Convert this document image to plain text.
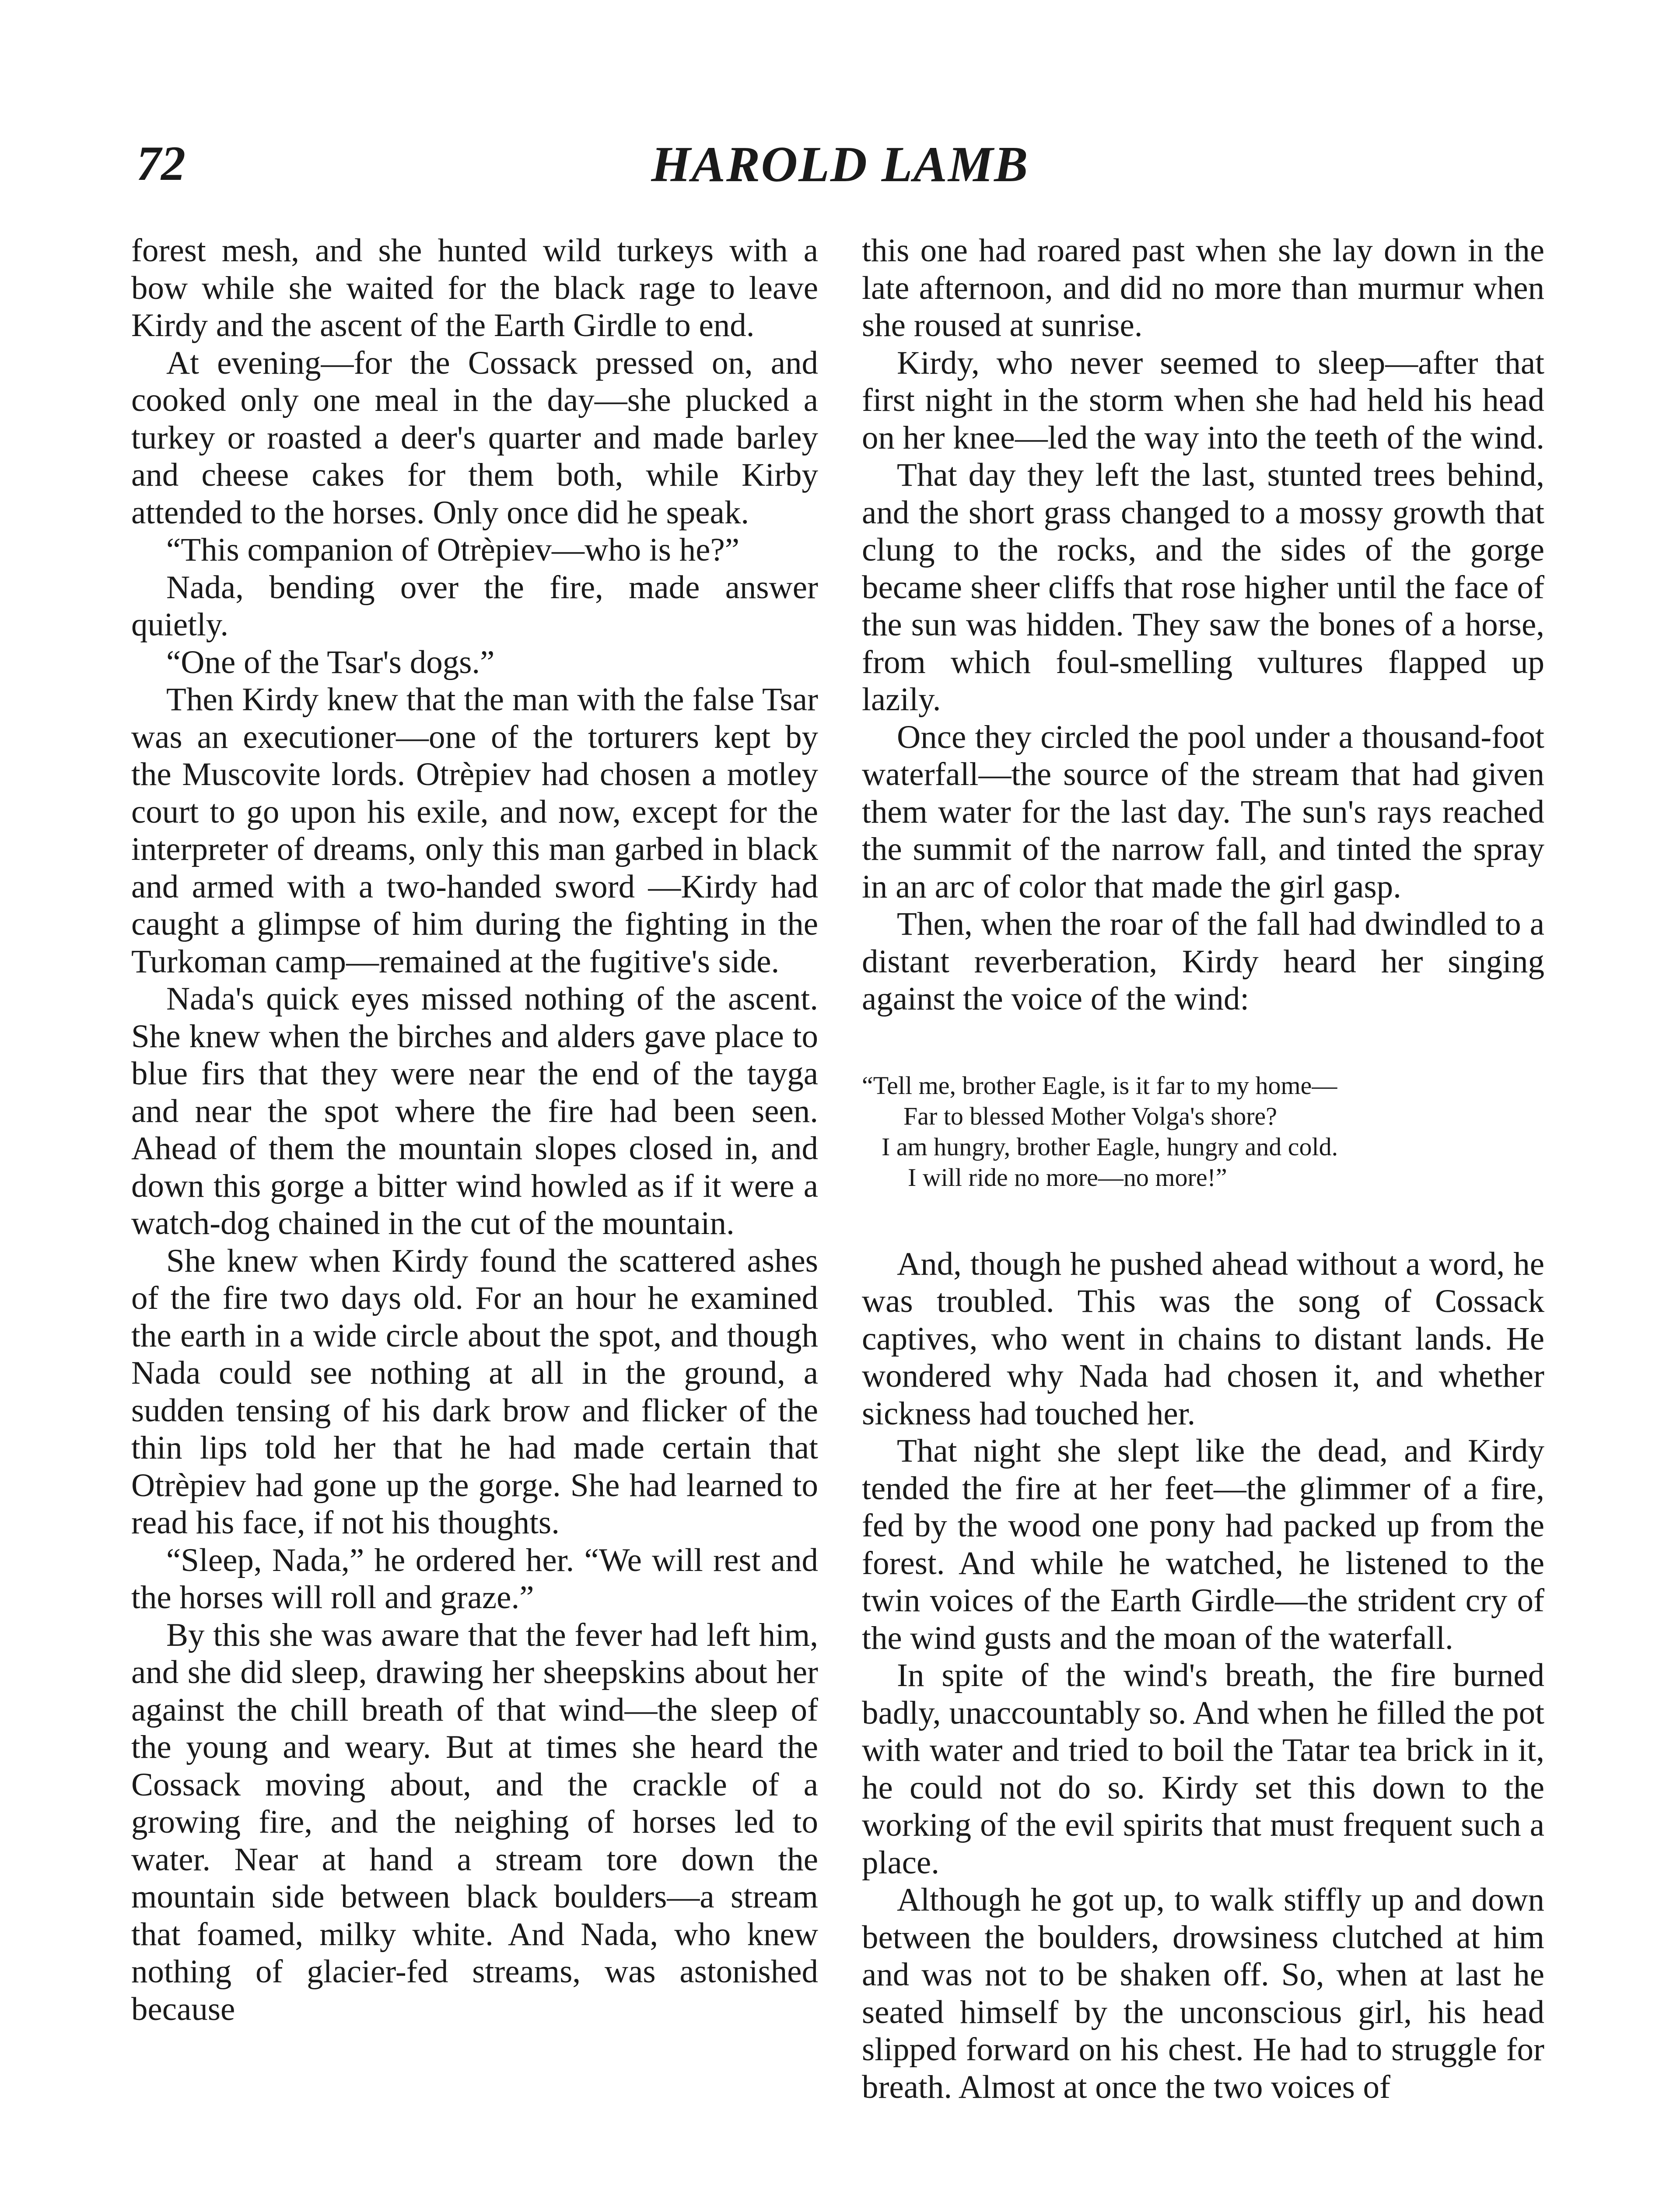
72	HAROLD LAMB

forest mesh, and she hunted wild turkeys with a bow while she waited for the black rage to leave Kirdy and the ascent of the Earth Girdle to end.

At evening—for the Cossack pressed on, and cooked only one meal in the day—she plucked a turkey or roasted a deer's quarter and made barley and cheese cakes for them both, while Kirby attended to the horses. Only once did he speak.

“This companion of Otrèpiev—who is he?”

Nada, bending over the fire, made answer quietly.

“One of the Tsar's dogs.”

Then Kirdy knew that the man with the false Tsar was an executioner—one of the torturers kept by the Muscovite lords. Otrèpiev had chosen a motley court to go upon his exile, and now, except for the interpreter of dreams, only this man garbed in black and armed with a two-handed sword —Kirdy had caught a glimpse of him during the fighting in the Turkoman camp—remained at the fugitive's side.

Nada's quick eyes missed nothing of the ascent. She knew when the birches and alders gave place to blue firs that they were near the end of the tayga and near the spot where the fire had been seen. Ahead of them the mountain slopes closed in, and down this gorge a bitter wind howled as if it were a watch-dog chained in the cut of the mountain.

She knew when Kirdy found the scattered ashes of the fire two days old. For an hour he examined the earth in a wide circle about the spot, and though Nada could see nothing at all in the ground, a sudden tensing of his dark brow and flicker of the thin lips told her that he had made certain that Otrèpiev had gone up the gorge. She had learned to read his face, if not his thoughts.

“Sleep, Nada,” he ordered her. “We will rest and the horses will roll and graze.”

By this she was aware that the fever had left him, and she did sleep, drawing her sheepskins about her against the chill breath of that wind—the sleep of the young and weary. But at times she heard the Cossack moving about, and the crackle of a growing fire, and the neighing of horses led to water. Near at hand a stream tore down the mountain side between black boulders—a stream that foamed, milky white. And Nada, who knew nothing of glacier-fed streams, was astonished because

this one had roared past when she lay down in the late afternoon, and did no more than murmur when she roused at sunrise.

Kirdy, who never seemed to sleep—after that first night in the storm when she had held his head on her knee—led the way into the teeth of the wind.

That day they left the last, stunted trees behind, and the short grass changed to a mossy growth that clung to the rocks, and the sides of the gorge became sheer cliffs that rose higher until the face of the sun was hidden. They saw the bones of a horse, from which foul-smelling vultures flapped up lazily.

Once they circled the pool under a thousand-foot waterfall—the source of the stream that had given them water for the last day. The sun's rays reached the summit of the narrow fall, and tinted the spray in an arc of color that made the girl gasp.

Then, when the roar of the fall had dwindled to a distant reverberation, Kirdy heard her singing against the voice of the wind:

“Tell me, brother Eagle, is it far to my home—
Far to blessed Mother Volga's shore?
I am hungry, brother Eagle, hungry and cold.
I will ride no more—no more!”

And, though he pushed ahead without a word, he was troubled. This was the song of Cossack captives, who went in chains to distant lands. He wondered why Nada had chosen it, and whether sickness had touched her.

That night she slept like the dead, and Kirdy tended the fire at her feet—the glimmer of a fire, fed by the wood one pony had packed up from the forest. And while he watched, he listened to the twin voices of the Earth Girdle—the strident cry of the wind gusts and the moan of the waterfall.

In spite of the wind's breath, the fire burned badly, unaccountably so. And when he filled the pot with water and tried to boil the Tatar tea brick in it, he could not do so. Kirdy set this down to the working of the evil spirits that must frequent such a place.

Although he got up, to walk stiffly up and down between the boulders, drowsiness clutched at him and was not to be shaken off. So, when at last he seated himself by the unconscious girl, his head slipped forward on his chest. He had to struggle for breath. Almost at once the two voices of
